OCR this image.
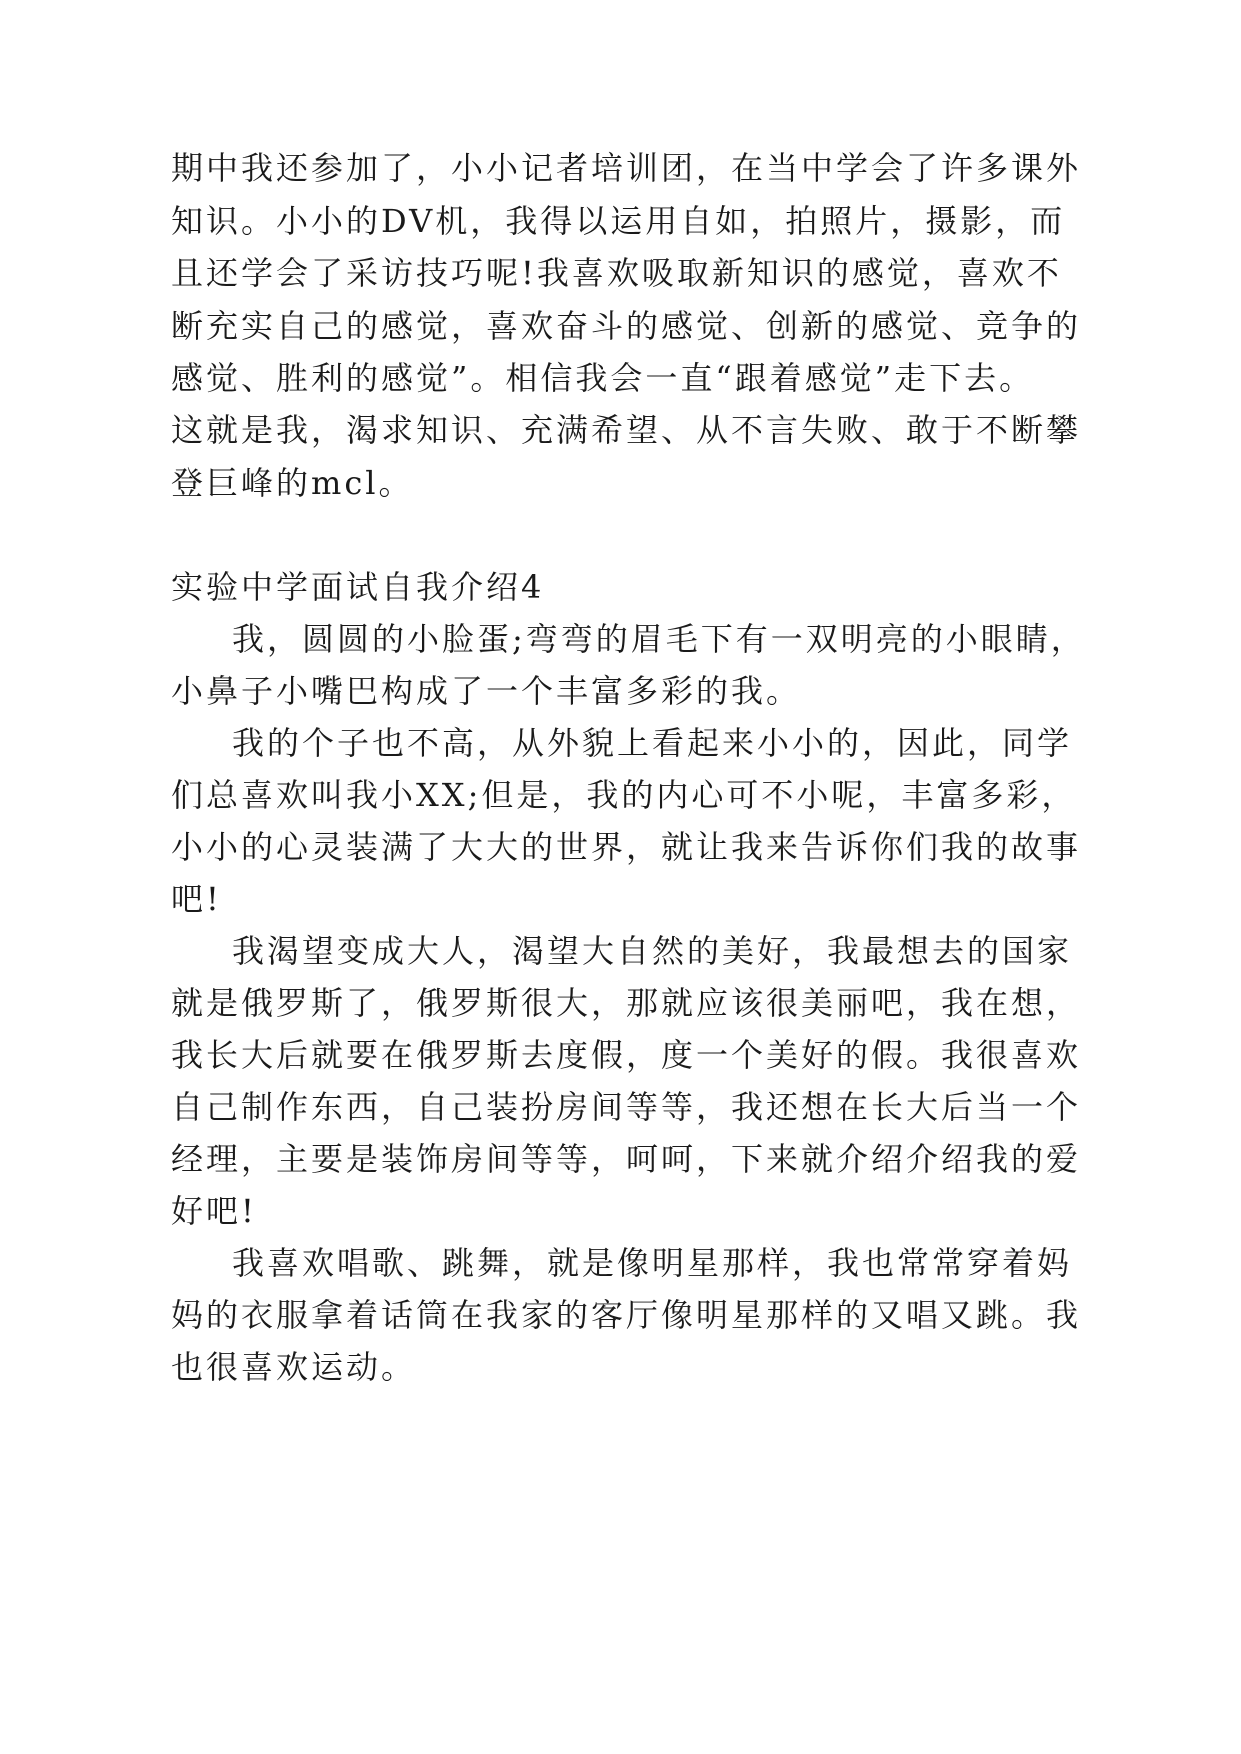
期中我还参加了，小小记者培训团，在当中学会了许多课外
知识。小小的DV机，我得以运用自如，拍照片，摄影，而
且还学会了采访技巧呢!我喜欢吸取新知识的感觉，喜欢不
断充实自己的感觉，喜欢奋斗的感觉、创新的感觉、竞争的
感觉、胜利的感觉”。相信我会一直“跟着感觉”走下去。
这就是我，渴求知识、充满希望、从不言失败、敢于不断攀
登巨峰的mcl。
实验中学面试自我介绍4
我，圆圆的小脸蛋;弯弯的眉毛下有一双明亮的小眼睛，
小鼻子小嘴巴构成了一个丰富多彩的我。
我的个子也不高，从外貌上看起来小小的，因此，同学
们总喜欢叫我小XX;但是，我的内心可不小呢，丰富多彩，
小小的心灵装满了大大的世界，就让我来告诉你们我的故事
吧!
我渴望变成大人，渴望大自然的美好，我最想去的国家
就是俄罗斯了，俄罗斯很大，那就应该很美丽吧，我在想，
我长大后就要在俄罗斯去度假，度一个美好的假。我很喜欢
自己制作东西，自己装扮房间等等，我还想在长大后当一个
经理，主要是装饰房间等等，呵呵，下来就介绍介绍我的爱
好吧!
我喜欢唱歌、跳舞，就是像明星那样，我也常常穿着妈
妈的衣服拿着话筒在我家的客厅像明星那样的又唱又跳。我
也很喜欢运动。
